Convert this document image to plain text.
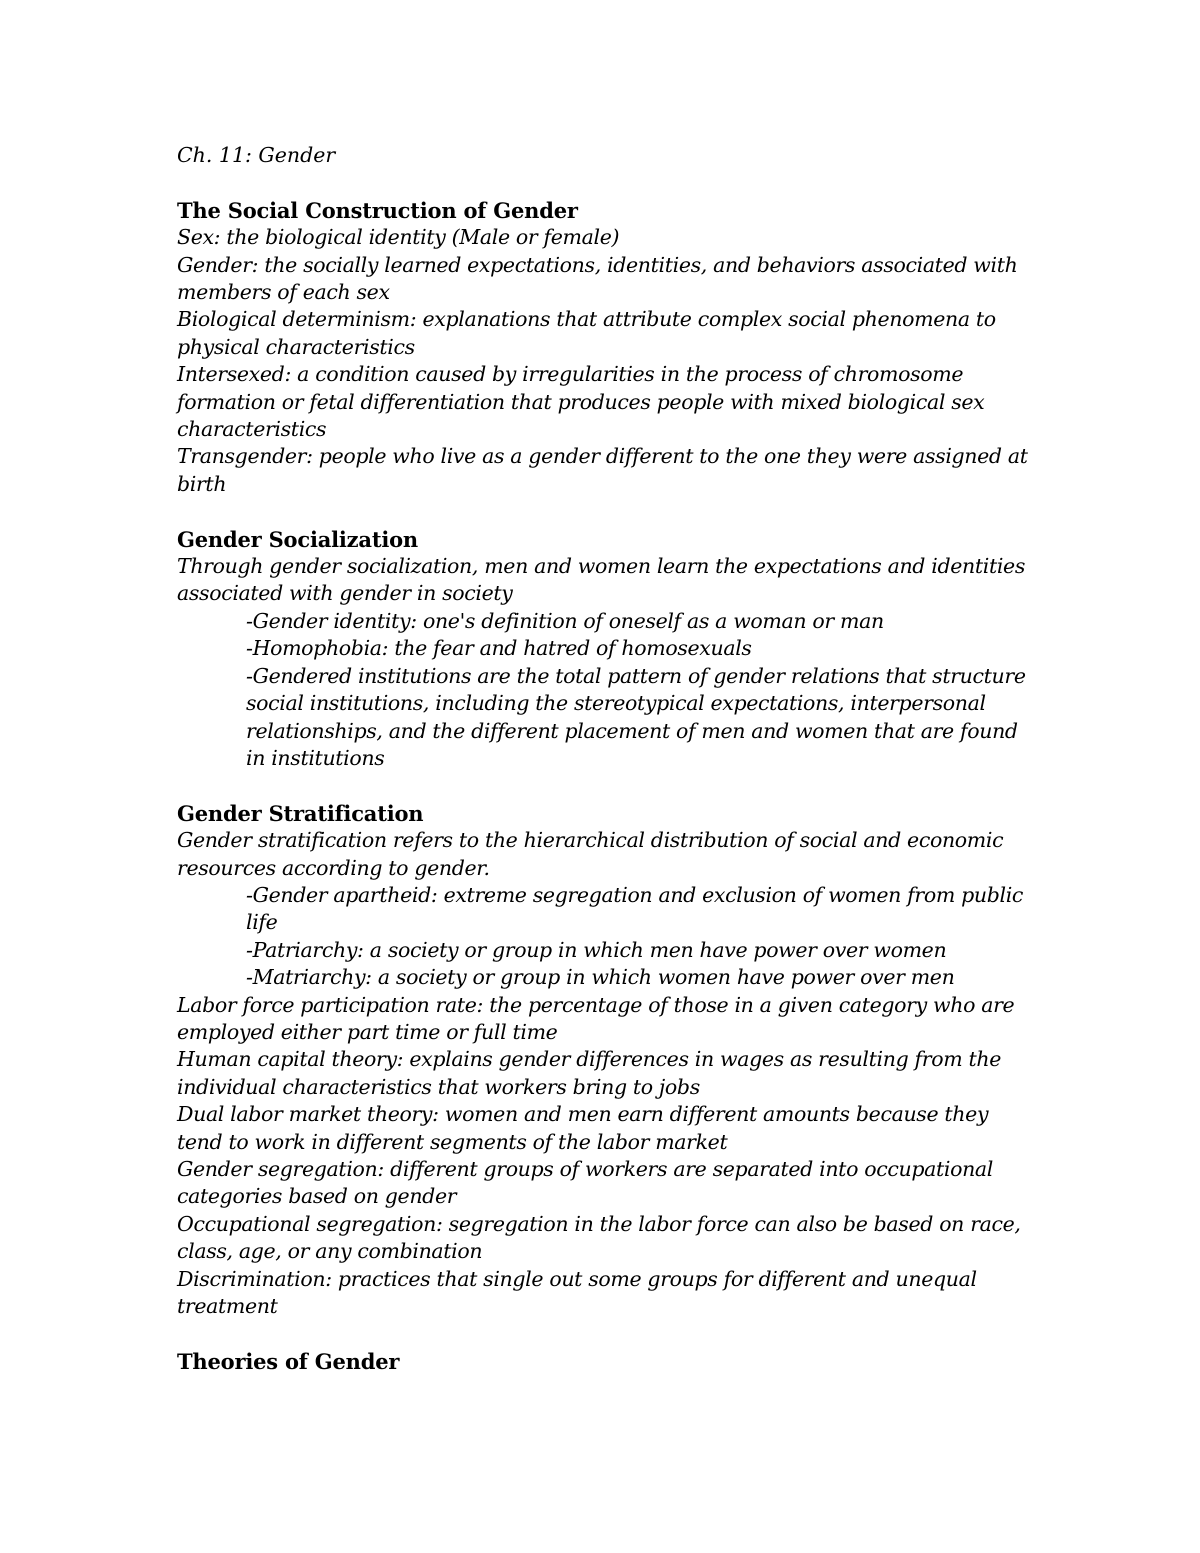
Ch. 11: Gender

The Social Construction of Gender

Sex: the biological identity (Male or female)

Gender: the socially learned expectations, identities, and behaviors associated with members of each sex

Biological determinism: explanations that attribute complex social phenomena to physical characteristics

Intersexed: a condition caused by irregularities in the process of chromosome formation or fetal differentiation that produces people with mixed biological sex characteristics

Transgender: people who live as a gender different to the one they were assigned at birth

Gender Socialization

Through gender socialization, men and women learn the expectations and identities associated with gender in society

-Gender identity: one's definition of oneself as a woman or man

-Homophobia: the fear and hatred of homosexuals

-Gendered institutions are the total pattern of gender relations that structure social institutions, including the stereotypical expectations, interpersonal relationships, and the different placement of men and women that are found in institutions

Gender Stratification

Gender stratification refers to the hierarchical distribution of social and economic resources according to gender.

-Gender apartheid: extreme segregation and exclusion of women from public life

-Patriarchy: a society or group in which men have power over women

-Matriarchy: a society or group in which women have power over men

Labor force participation rate: the percentage of those in a given category who are employed either part time or full time

Human capital theory: explains gender differences in wages as resulting from the individual characteristics that workers bring to jobs

Dual labor market theory: women and men earn different amounts because they tend to work in different segments of the labor market

Gender segregation: different groups of workers are separated into occupational categories based on gender

Occupational segregation: segregation in the labor force can also be based on race, class, age, or any combination

Discrimination: practices that single out some groups for different and unequal treatment

Theories of Gender
